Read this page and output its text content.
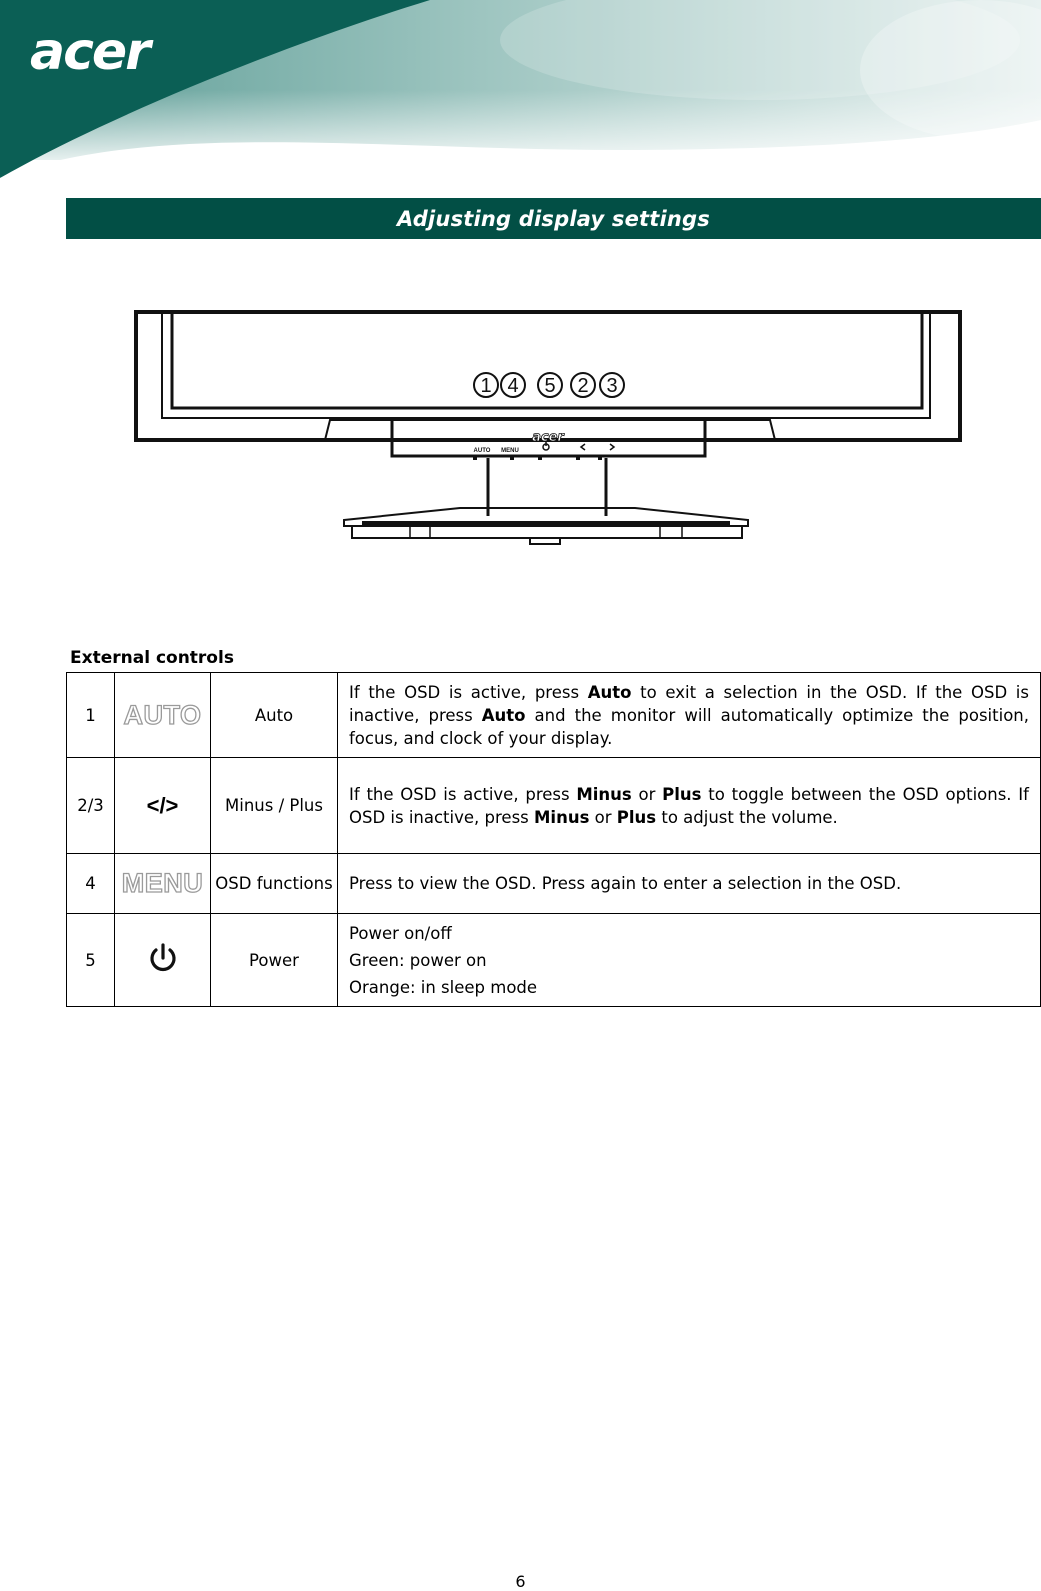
acer
Adjusting display settings
1 4 5 2 3
AUTO MENU
acer
External controls
1	AUTO	Auto	If the OSD is active, press Auto to exit a selection in the OSD. If the OSD is inactive, press Auto and the monitor will automatically optimize the position, focus, and clock of your display.
2/3	</>	Minus / Plus	If the OSD is active, press Minus or Plus to toggle between the OSD options. If OSD is inactive, press Minus or Plus to adjust the volume.
4	MENU	OSD functions	Press to view the OSD. Press again to enter a selection in the OSD.
5		Power	Power on/off
Green: power on
Orange: in sleep mode
6
